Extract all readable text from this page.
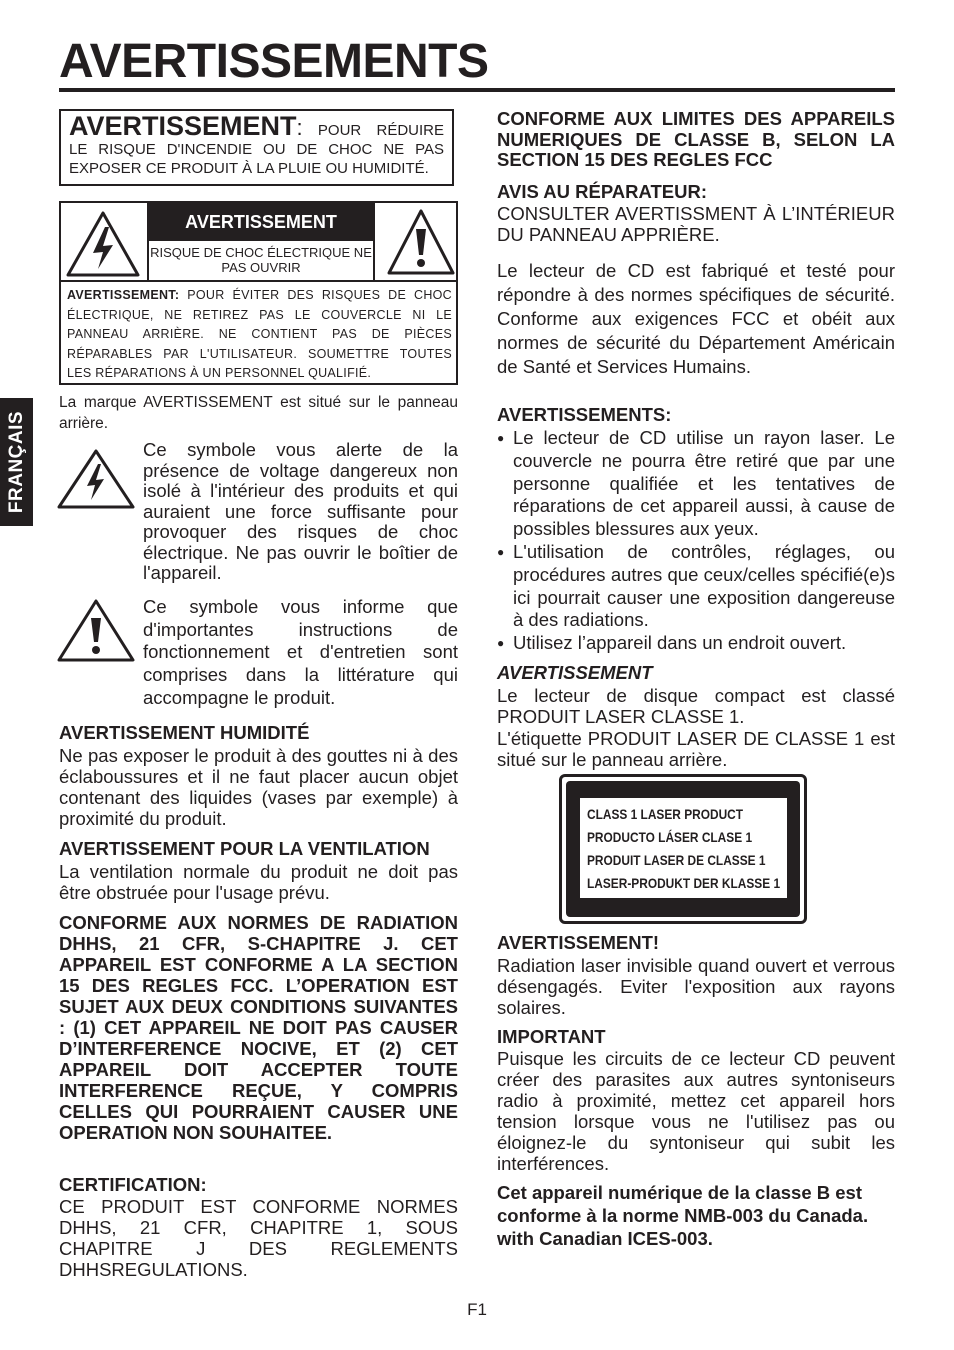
AVERTISSEMENTS
FRANÇAIS
AVERTISSEMENT: POUR RÉDUIRE LE RISQUE D'INCENDIE OU DE CHOC NE PAS EXPOSER CE PRODUIT À LA PLUIE OU HUMIDITÉ.
AVERTISSEMENT
RISQUE DE CHOC ÉLECTRIQUE NE PAS OUVRIR
AVERTISSEMENT: POUR ÉVITER DES RISQUES DE CHOC ÉLECTRIQUE, NE RETIREZ PAS LE COUVERCLE NI LE PANNEAU ARRIÈRE. NE CONTIENT PAS DE PIÈCES RÉPARABLES PAR L'UTILISATEUR. SOUMETTRE TOUTES LES RÉPARATIONS À UN PERSONNEL QUALIFIÉ.
La marque AVERTISSEMENT est situé sur le panneau arrière.
Ce symbole vous alerte de la présence de voltage dangereux non isolé à l'intérieur des produits et qui auraient une force suffisante pour provoquer des risques de choc électrique. Ne pas ouvrir le boîtier de l'appareil.
Ce symbole vous informe que d'importantes instructions de fonctionnement et d'entretien sont comprises dans la littérature qui accompagne le produit.
AVERTISSEMENT HUMIDITÉ
Ne pas exposer le produit à des gouttes ni à des éclaboussures et il ne faut placer aucun objet contenant des liquides (vases par exemple) à proximité du produit.
AVERTISSEMENT POUR LA VENTILATION
La ventilation normale du produit ne doit pas être obstruée pour l'usage prévu.
CONFORME AUX NORMES DE RADIATION DHHS, 21 CFR, S-CHAPITRE J. CET APPAREIL EST CONFORME A LA SECTION 15 DES REGLES FCC. L’OPERATION EST SUJET AUX DEUX CONDITIONS SUIVANTES : (1) CET APPAREIL NE DOIT PAS CAUSER D’INTERFERENCE NOCIVE, ET (2) CET APPAREIL DOIT ACCEPTER TOUTE INTERFERENCE REÇUE, Y COMPRIS CELLES QUI POURRAIENT CAUSER UNE OPERATION NON SOUHAITEE.
CERTIFICATION:
CE PRODUIT EST CONFORME NORMES DHHS, 21 CFR, CHAPITRE 1, SOUS CHAPITRE J DES REGLEMENTS DHHSREGULATIONS.
CONFORME AUX LIMITES DES APPAREILS NUMERIQUES DE CLASSE B, SELON LA SECTION 15 DES REGLES FCC
AVIS AU RÉPARATEUR:
CONSULTER AVERTISSMENT À L’INTÉRIEUR DU PANNEAU APPRIÈRE.
Le lecteur de CD est fabriqué et testé pour répondre à des normes spécifiques de sécurité. Conforme aux exigences FCC et obéit aux normes de sécurité du Département Américain de Santé et Services Humains.
AVERTISSEMENTS:
● Le lecteur de CD utilise un rayon laser. Le couvercle ne pourra être retiré que par une personne qualifiée et les tentatives de réparations de cet appareil aussi, à cause de possibles blessures aux yeux.
● L'utilisation de contrôles, réglages, ou procédures autres que ceux/celles spécifié(e)s ici pourrait causer une exposition dangereuse à des radiations.
● Utilisez l’appareil dans un endroit ouvert.
AVERTISSEMENT
Le lecteur de disque compact est classé PRODUIT LASER CLASSE 1.
L'étiquette PRODUIT LASER DE CLASSE 1 est situé sur le panneau arrière.
CLASS 1 LASER PRODUCT
PRODUCTO LÁSER CLASE 1
PRODUIT LASER DE CLASSE 1
LASER-PRODUKT DER KLASSE 1
AVERTISSEMENT!
Radiation laser invisible quand ouvert et verrous désengagés. Eviter l'exposition aux rayons solaires.
IMPORTANT
Puisque les circuits de ce lecteur CD peuvent créer des parasites aux autres syntoniseurs radio à proximité, mettez cet appareil hors tension lorsque vous ne l'utilisez pas ou éloignez-le du syntoniseur qui subit les interférences.
Cet appareil numérique de la classe B est conforme à la norme NMB-003 du Canada. with Canadian ICES-003.
F1
